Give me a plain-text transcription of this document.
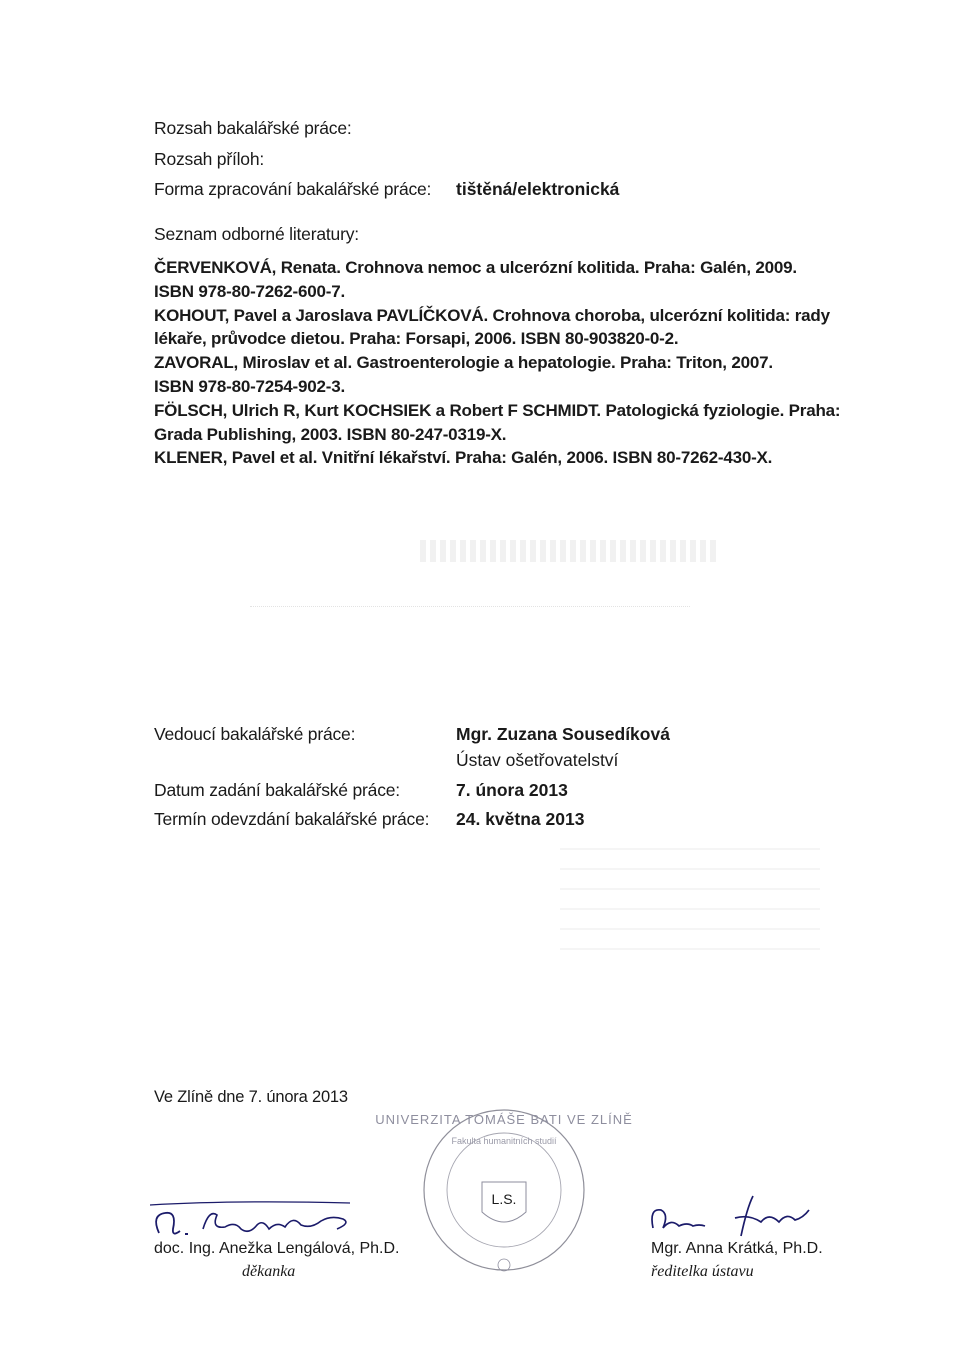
Rozsah bakalářské práce:
Rozsah příloh:
Forma zpracování bakalářské práce: tištěná/elektronická
Seznam odborné literatury:
ČERVENKOVÁ, Renata. Crohnova nemoc a ulcerózní kolitida. Praha: Galén, 2009.
ISBN 978-80-7262-600-7.
KOHOUT, Pavel a Jaroslava PAVLÍČKOVÁ. Crohnova choroba, ulcerózní kolitida: rady
lékaře, průvodce dietou. Praha: Forsapi, 2006. ISBN 80-903820-0-2.
ZAVORAL, Miroslav et al. Gastroenterologie a hepatologie. Praha: Triton, 2007.
ISBN 978-80-7254-902-3.
FÖLSCH, Ulrich R, Kurt KOCHSIEK a Robert F SCHMIDT. Patologická fyziologie. Praha:
Grada Publishing, 2003. ISBN 80-247-0319-X.
KLENER, Pavel et al. Vnitřní lékařství. Praha: Galén, 2006. ISBN 80-7262-430-X.
Vedoucí bakalářské práce:	Mgr. Zuzana Sousedíková
Ústav ošetřovatelství
Datum zadání bakalářské práce:	7. února 2013
Termín odevzdání bakalářské práce: 24. května 2013
Ve Zlíně dne 7. února 2013
doc. Ing. Anežka Lengálová, Ph.D.
děkanka
UNIVERZITA TOMÁŠE BATI VE ZLÍNĚ
Fakulta humanitních studií
L.S.
Mgr. Anna Krátká, Ph.D.
ředitelka ústavu
